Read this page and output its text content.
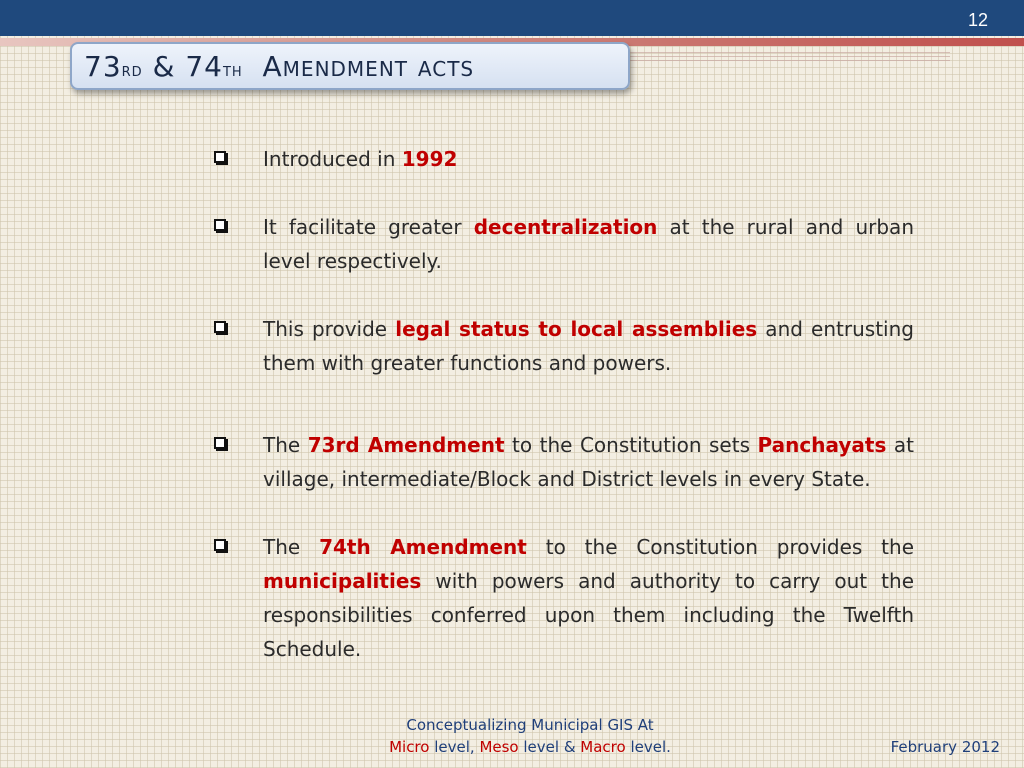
12
73rd & 74th Amendment acts
Introduced in 1992
It facilitate greater decentralization at the rural and urban level respectively.
This provide legal status to local assemblies and entrusting them with greater functions and powers.
The 73rd Amendment to the Constitution sets Panchayats at village, intermediate/Block and District levels in every State.
The 74th Amendment to the Constitution provides the municipalities with powers and authority to carry out the responsibilities conferred upon them including the Twelfth Schedule.
Conceptualizing Municipal GIS At
Micro level, Meso level & Macro level.	February 2012
